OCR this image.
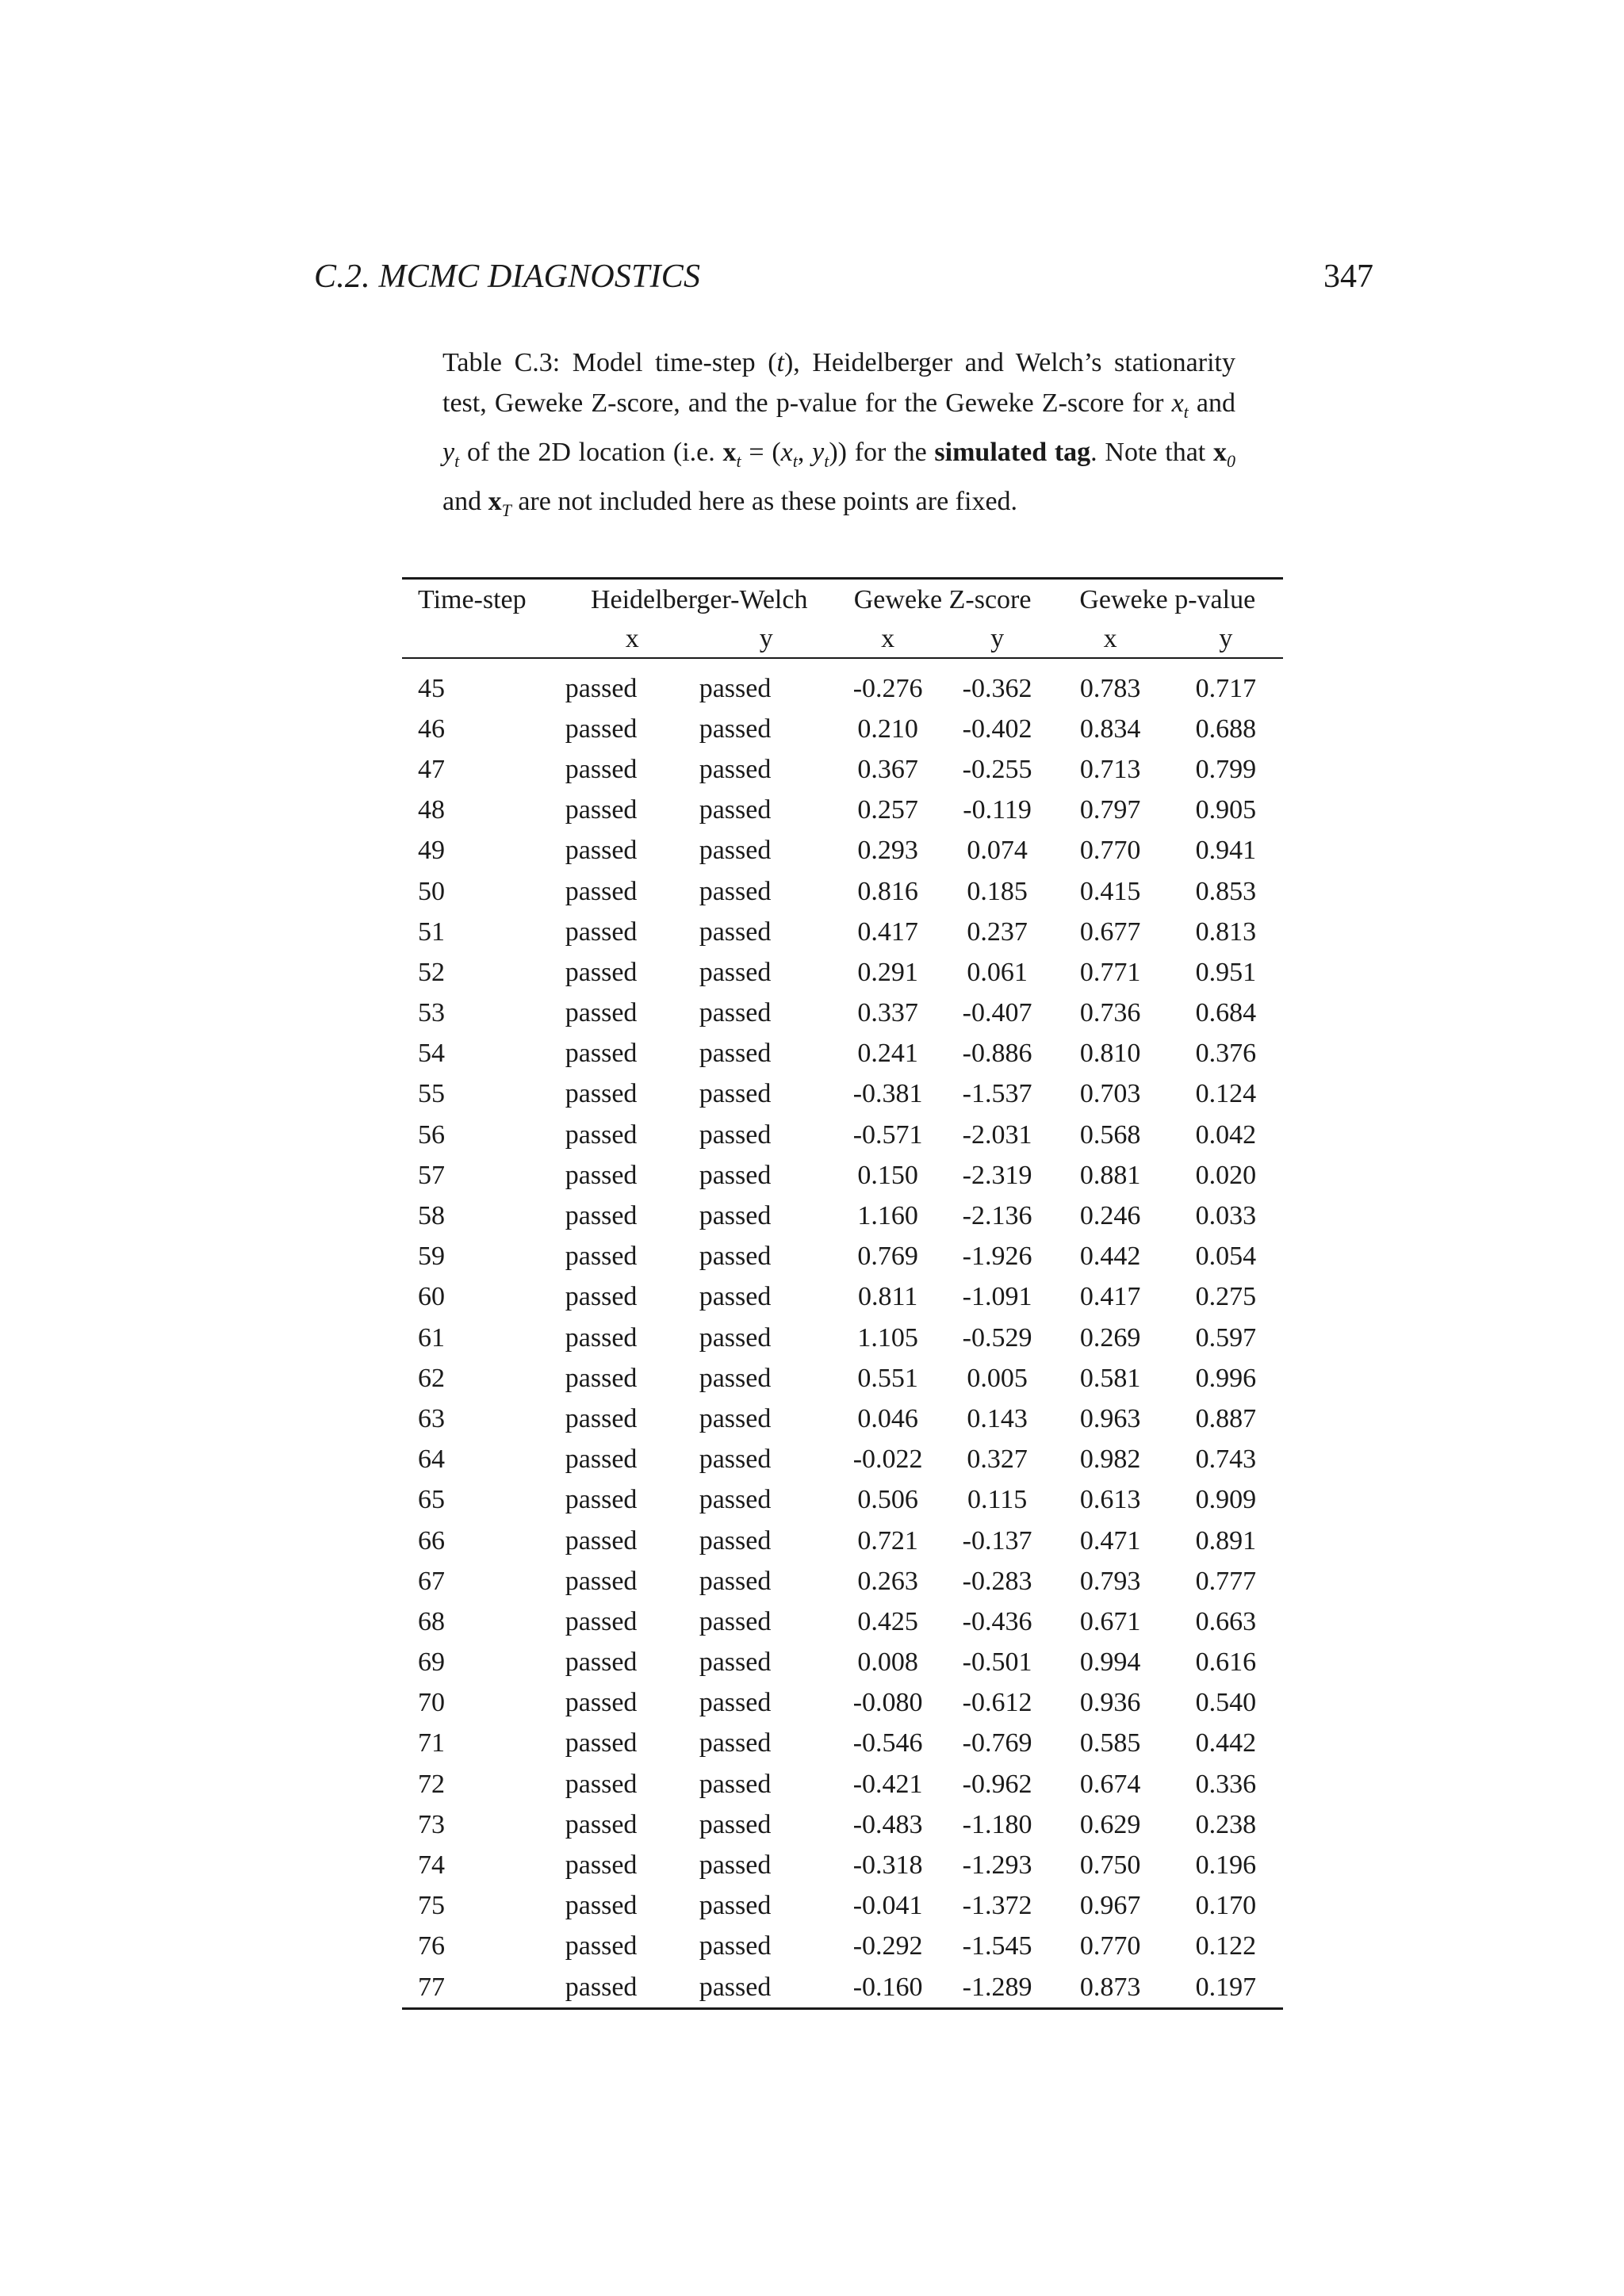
C.2. MCMC DIAGNOSTICS	347
Table C.3: Model time-step (t), Heidelberger and Welch’s stationarity test, Geweke Z-score, and the p-value for the Geweke Z-score for $x_t$ and $y_t$ of the 2D location (i.e. $x_t = (x_t$, $y_t$)) for the simulated tag. Note that $x_0$ and $x_T$ are not included here as these points are fixed.
Time-step	Heidelberger-Welch		Geweke Z-score		Geweke p-value	
	x	y	x	y	x	y

45	passed	passed	-0.276	-0.362	0.783	0.717
46	passed	passed	0.210	-0.402	0.834	0.688
47	passed	passed	0.367	-0.255	0.713	0.799
48	passed	passed	0.257	-0.119	0.797	0.905
49	passed	passed	0.293	0.074	0.770	0.941
50	passed	passed	0.816	0.185	0.415	0.853
51	passed	passed	0.417	0.237	0.677	0.813
52	passed	passed	0.291	0.061	0.771	0.951
53	passed	passed	0.337	-0.407	0.736	0.684
54	passed	passed	0.241	-0.886	0.810	0.376
55	passed	passed	-0.381	-1.537	0.703	0.124
56	passed	passed	-0.571	-2.031	0.568	0.042
57	passed	passed	0.150	-2.319	0.881	0.020
58	passed	passed	1.160	-2.136	0.246	0.033
59	passed	passed	0.769	-1.926	0.442	0.054
60	passed	passed	0.811	-1.091	0.417	0.275
61	passed	passed	1.105	-0.529	0.269	0.597
62	passed	passed	0.551	0.005	0.581	0.996
63	passed	passed	0.046	0.143	0.963	0.887
64	passed	passed	-0.022	0.327	0.982	0.743
65	passed	passed	0.506	0.115	0.613	0.909
66	passed	passed	0.721	-0.137	0.471	0.891
67	passed	passed	0.263	-0.283	0.793	0.777
68	passed	passed	0.425	-0.436	0.671	0.663
69	passed	passed	0.008	-0.501	0.994	0.616
70	passed	passed	-0.080	-0.612	0.936	0.540
71	passed	passed	-0.546	-0.769	0.585	0.442
72	passed	passed	-0.421	-0.962	0.674	0.336
73	passed	passed	-0.483	-1.180	0.629	0.238
74	passed	passed	-0.318	-1.293	0.750	0.196
75	passed	passed	-0.041	-1.372	0.967	0.170
76	passed	passed	-0.292	-1.545	0.770	0.122
77	passed	passed	-0.160	-1.289	0.873	0.197
